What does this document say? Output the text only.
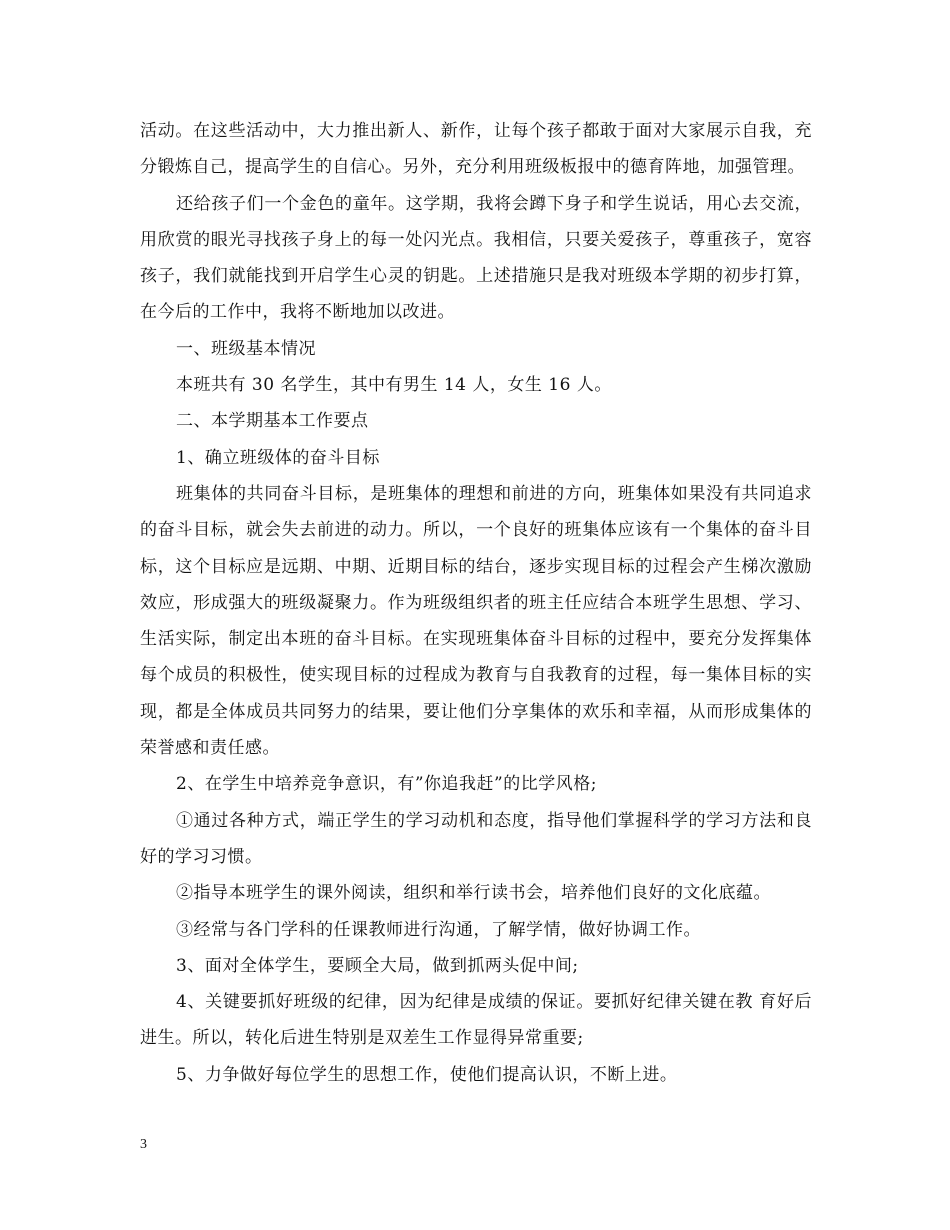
活动。在这些活动中，大力推出新人、新作，让每个孩子都敢于面对大家展示自我，充分锻炼自己，提高学生的自信心。另外，充分利用班级板报中的德育阵地，加强管理。

还给孩子们一个金色的童年。这学期，我将会蹲下身子和学生说话，用心去交流，用欣赏的眼光寻找孩子身上的每一处闪光点。我相信，只要关爱孩子，尊重孩子，宽容孩子，我们就能找到开启学生心灵的钥匙。上述措施只是我对班级本学期的初步打算，在今后的工作中，我将不断地加以改进。

一、班级基本情况

本班共有 30 名学生，其中有男生 14 人，女生 16 人。

二、本学期基本工作要点

1、确立班级体的奋斗目标

班集体的共同奋斗目标，是班集体的理想和前进的方向，班集体如果没有共同追求的奋斗目标，就会失去前进的动力。所以，一个良好的班集体应该有一个集体的奋斗目标，这个目标应是远期、中期、近期目标的结台，逐步实现目标的过程会产生梯次激励效应，形成强大的班级凝聚力。作为班级组织者的班主任应结合本班学生思想、学习、生活实际，制定出本班的奋斗目标。在实现班集体奋斗目标的过程中，要充分发挥集体每个成员的积极性，使实现目标的过程成为教育与自我教育的过程，每一集体目标的实现，都是全体成员共同努力的结果，要让他们分享集体的欢乐和幸福，从而形成集体的荣誉感和责任感。

2、在学生中培养竞争意识，有”你追我赶”的比学风格;

①通过各种方式，端正学生的学习动机和态度，指导他们掌握科学的学习方法和良好的学习习惯。

②指导本班学生的课外阅读，组织和举行读书会，培养他们良好的文化底蕴。

③经常与各门学科的任课教师进行沟通，了解学情，做好协调工作。

3、面对全体学生，要顾全大局，做到抓两头促中间;

4、关键要抓好班级的纪律，因为纪律是成绩的保证。要抓好纪律关键在教 育好后进生。所以，转化后进生特别是双差生工作显得异常重要;

5、力争做好每位学生的思想工作，使他们提高认识，不断上进。

3
